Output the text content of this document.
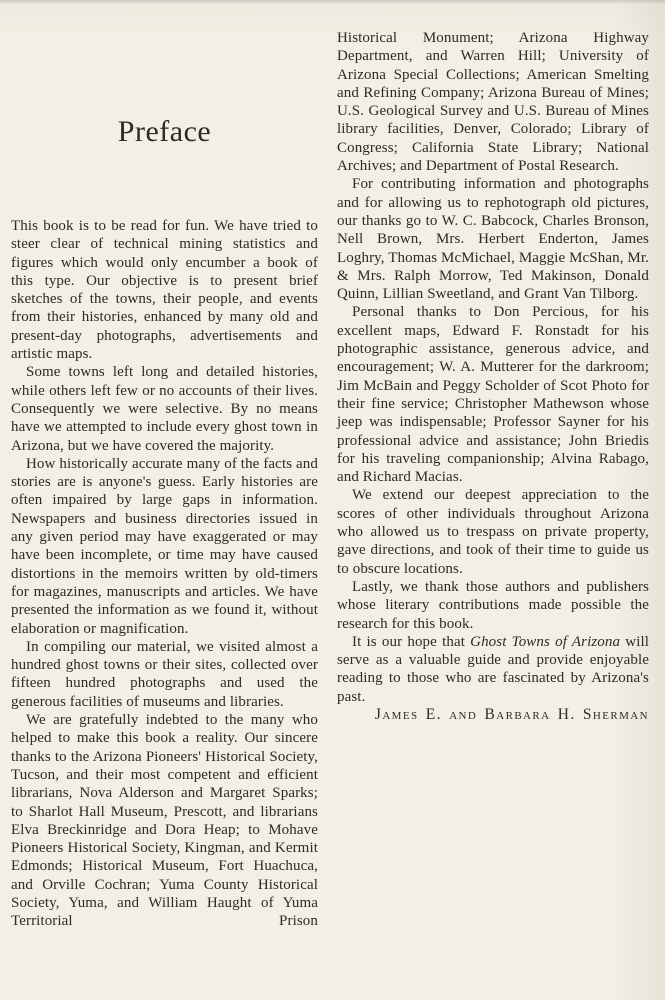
Preface

This book is to be read for fun. We have tried to steer clear of technical mining statistics and figures which would only encumber a book of this type. Our objective is to present brief sketches of the towns, their people, and events from their histories, enhanced by many old and present-day photographs, advertisements and artistic maps.

Some towns left long and detailed histories, while others left few or no accounts of their lives. Consequently we were selective. By no means have we attempted to include every ghost town in Arizona, but we have covered the majority.

How historically accurate many of the facts and stories are is anyone's guess. Early histories are often impaired by large gaps in information. Newspapers and business directories issued in any given period may have exaggerated or may have been incomplete, or time may have caused distortions in the memoirs written by old-timers for magazines, manuscripts and articles. We have presented the information as we found it, without elaboration or magnification.

In compiling our material, we visited almost a hundred ghost towns or their sites, collected over fifteen hundred photographs and used the generous facilities of museums and libraries.

We are gratefully indebted to the many who helped to make this book a reality. Our sincere thanks to the Arizona Pioneers' Historical Society, Tucson, and their most competent and efficient librarians, Nova Alderson and Margaret Sparks; to Sharlot Hall Museum, Prescott, and librarians Elva Breckinridge and Dora Heap; to Mohave Pioneers Historical Society, Kingman, and Kermit Edmonds; Historical Museum, Fort Huachuca, and Orville Cochran; Yuma County Historical Society, Yuma, and William Haught of Yuma Territorial Prison

Historical Monument; Arizona Highway Department, and Warren Hill; University of Arizona Special Collections; American Smelting and Refining Company; Arizona Bureau of Mines; U.S. Geological Survey and U.S. Bureau of Mines library facilities, Denver, Colorado; Library of Congress; California State Library; National Archives; and Department of Postal Research.

For contributing information and photographs and for allowing us to rephotograph old pictures, our thanks go to W. C. Babcock, Charles Bronson, Nell Brown, Mrs. Herbert Enderton, James Loghry, Thomas McMichael, Maggie McShan, Mr. & Mrs. Ralph Morrow, Ted Makinson, Donald Quinn, Lillian Sweetland, and Grant Van Tilborg.

Personal thanks to Don Percious, for his excellent maps, Edward F. Ronstadt for his photographic assistance, generous advice, and encouragement; W. A. Mutterer for the darkroom; Jim McBain and Peggy Scholder of Scot Photo for their fine service; Christopher Mathewson whose jeep was indispensable; Professor Sayner for his professional advice and assistance; John Briedis for his traveling companionship; Alvina Rabago, and Richard Macias.

We extend our deepest appreciation to the scores of other individuals throughout Arizona who allowed us to trespass on private property, gave directions, and took of their time to guide us to obscure locations.

Lastly, we thank those authors and publishers whose literary contributions made possible the research for this book.

It is our hope that Ghost Towns of Arizona will serve as a valuable guide and provide enjoyable reading to those who are fascinated by Arizona's past.

James E. and Barbara H. Sherman
